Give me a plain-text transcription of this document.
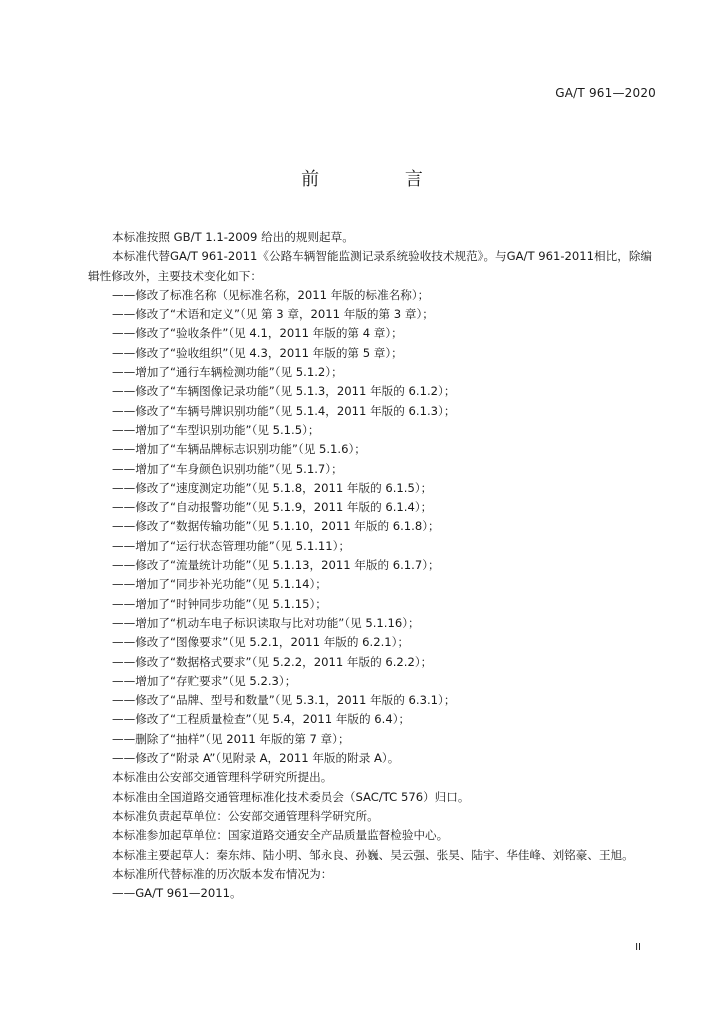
GA/T 961—2020
前 言

本标准按照 GB/T 1.1-2009 给出的规则起草。

本标准代替GA/T 961-2011《公路车辆智能监测记录系统验收技术规范》。与GA/T 961-2011相比，除编辑性修改外，主要技术变化如下：

——修改了标准名称（见标准名称，2011 年版的标准名称）；

——修改了“术语和定义”（见 第 3 章，2011 年版的第 3 章）；

——修改了“验收条件”（见 4.1，2011 年版的第 4 章）；

——修改了“验收组织”（见 4.3，2011 年版的第 5 章）；

——增加了“通行车辆检测功能”（见 5.1.2）；

——修改了“车辆图像记录功能”（见 5.1.3，2011 年版的 6.1.2）；

——修改了“车辆号牌识别功能”（见 5.1.4，2011 年版的 6.1.3）；

——增加了“车型识别功能”（见 5.1.5）；

——增加了“车辆品牌标志识别功能”（见 5.1.6）；

——增加了“车身颜色识别功能”（见 5.1.7）；

——修改了“速度测定功能”（见 5.1.8，2011 年版的 6.1.5）；

——修改了“自动报警功能”（见 5.1.9，2011 年版的 6.1.4）；

——修改了“数据传输功能”（见 5.1.10，2011 年版的 6.1.8）；

——增加了“运行状态管理功能”（见 5.1.11）；

——修改了“流量统计功能”（见 5.1.13，2011 年版的 6.1.7）；

——增加了“同步补光功能”（见 5.1.14）；

——增加了“时钟同步功能”（见 5.1.15）；

——增加了“机动车电子标识读取与比对功能”（见 5.1.16）；

——修改了“图像要求”（见 5.2.1，2011 年版的 6.2.1）；

——修改了“数据格式要求”（见 5.2.2，2011 年版的 6.2.2）；

——增加了“存贮要求”（见 5.2.3）；

——修改了“品牌、型号和数量”（见 5.3.1，2011 年版的 6.3.1）；

——修改了“工程质量检查”（见 5.4，2011 年版的 6.4）；

——删除了“抽样”（见 2011 年版的第 7 章）；

——修改了“附录 A”（见附录 A，2011 年版的附录 A）。

本标准由公安部交通管理科学研究所提出。

本标准由全国道路交通管理标准化技术委员会（SAC/TC 576）归口。

本标准负责起草单位：公安部交通管理科学研究所。

本标准参加起草单位：国家道路交通安全产品质量监督检验中心。

本标准主要起草人：秦东炜、陆小明、邹永良、孙巍、吴云强、张昊、陆宇、华佳峰、刘铭豪、王旭。

本标准所代替标准的历次版本发布情况为：

——GA/T 961—2011。

II
